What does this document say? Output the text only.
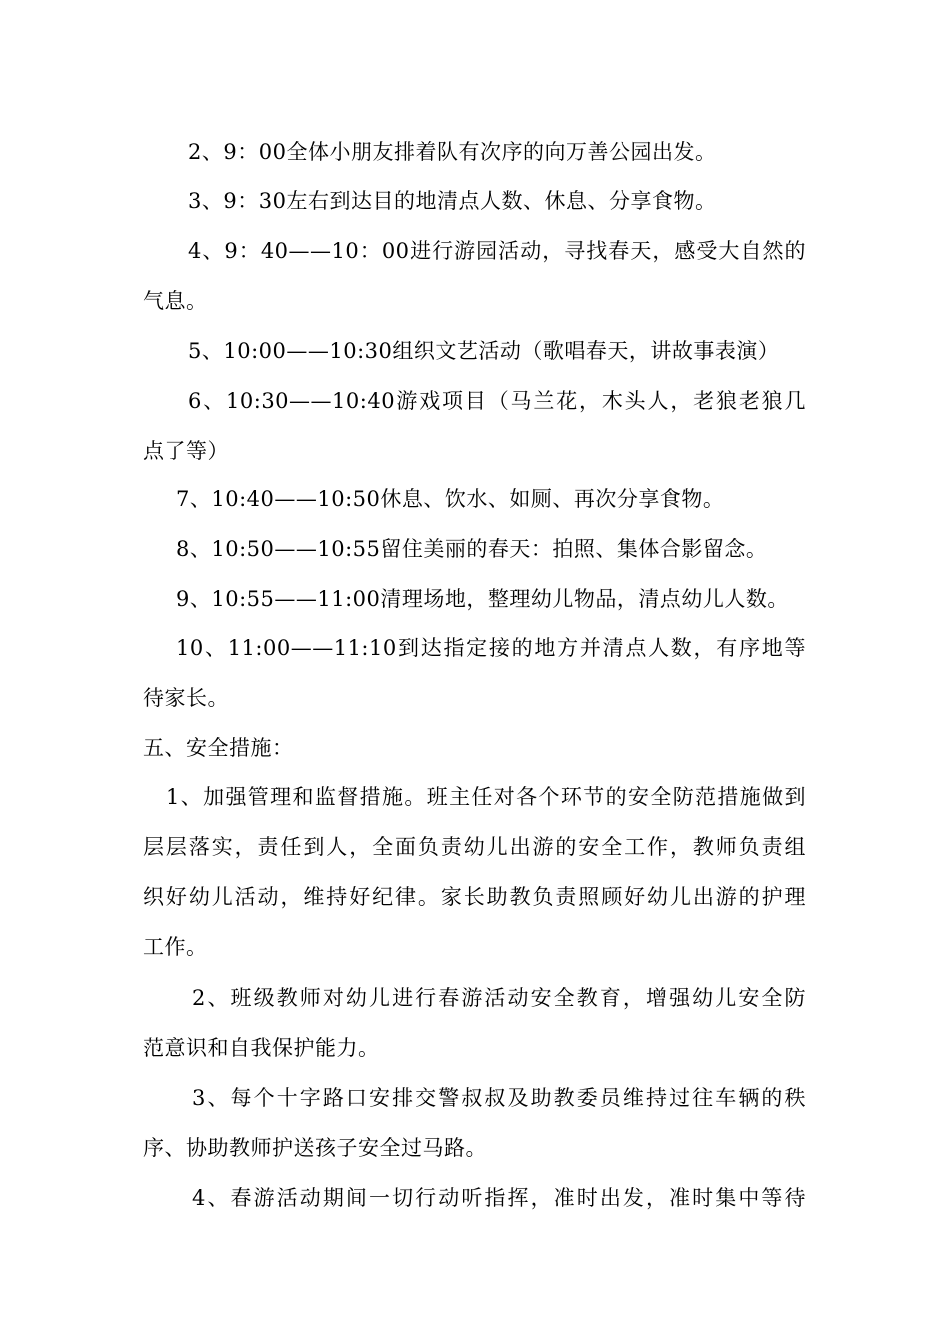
2、9：00全体小朋友排着队有次序的向万善公园出发。
3、9：30左右到达目的地清点人数、休息、分享食物。
4、9：40——10：00进行游园活动，寻找春天，感受大自然的
气息。
5、10:00——10:30组织文艺活动（歌唱春天，讲故事表演）
6、10:30——10:40游戏项目（马兰花，木头人，老狼老狼几
点了等）
7、10:40——10:50休息、饮水、如厕、再次分享食物。
8、10:50——10:55留住美丽的春天：拍照、集体合影留念。
9、10:55——11:00清理场地，整理幼儿物品，清点幼儿人数。
10、11:00——11:10到达指定接的地方并清点人数，有序地等
待家长。
五、安全措施：
1、加强管理和监督措施。班主任对各个环节的安全防范措施做到
层层落实，责任到人，全面负责幼儿出游的安全工作，教师负责组
织好幼儿活动，维持好纪律。家长助教负责照顾好幼儿出游的护理
工作。
2、班级教师对幼儿进行春游活动安全教育，增强幼儿安全防
范意识和自我保护能力。
3、每个十字路口安排交警叔叔及助教委员维持过往车辆的秩
序、协助教师护送孩子安全过马路。
4、春游活动期间一切行动听指挥，准时出发，准时集中等待
